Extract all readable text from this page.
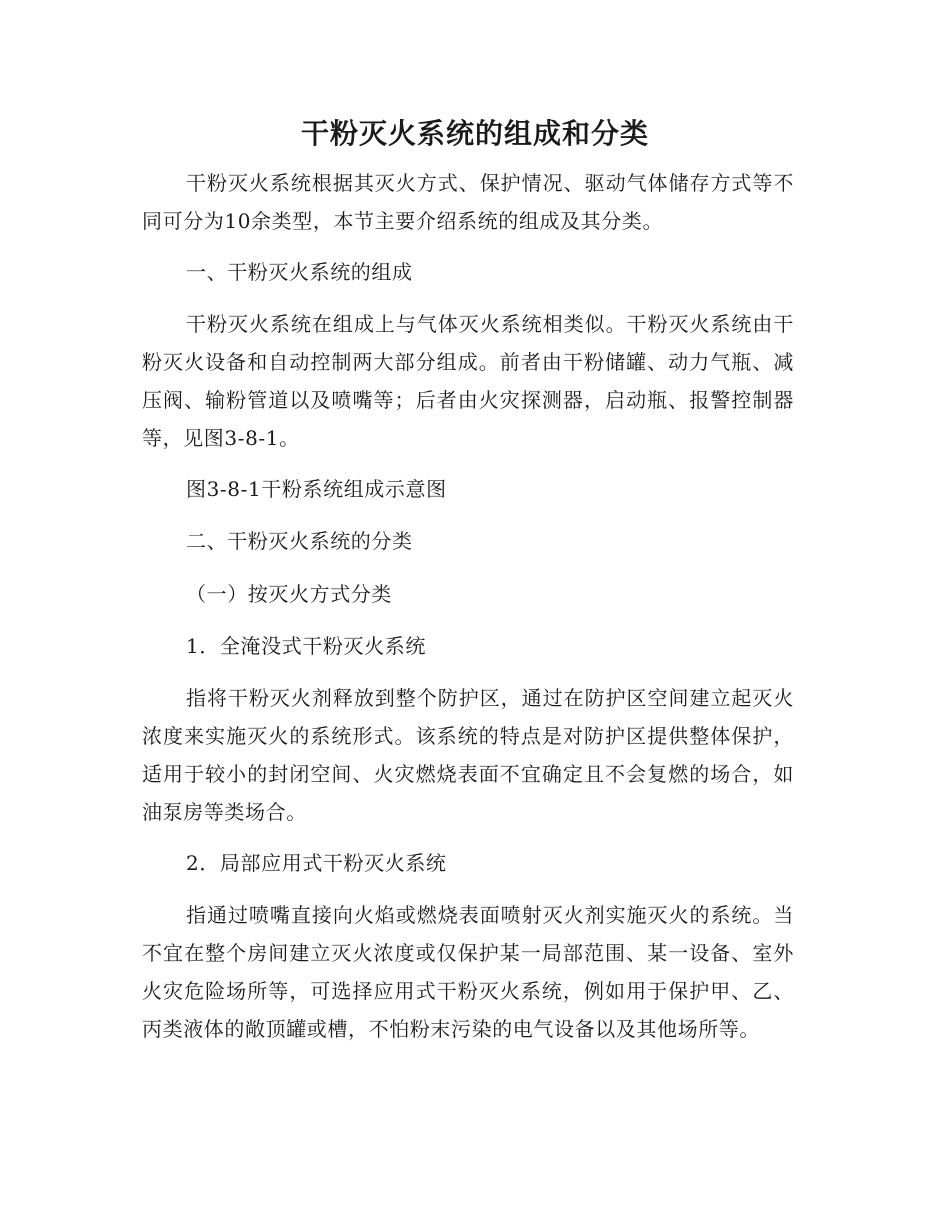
干粉灭火系统的组成和分类

干粉灭火系统根据其灭火方式、保护情况、驱动气体储存方式等不同可分为10余类型，本节主要介绍系统的组成及其分类。

一、干粉灭火系统的组成

干粉灭火系统在组成上与气体灭火系统相类似。干粉灭火系统由干粉灭火设备和自动控制两大部分组成。前者由干粉储罐、动力气瓶、减压阀、输粉管道以及喷嘴等；后者由火灾探测器，启动瓶、报警控制器等，见图3-8-1。

图3-8-1干粉系统组成示意图

二、干粉灭火系统的分类

（一）按灭火方式分类

1．全淹没式干粉灭火系统

指将干粉灭火剂释放到整个防护区，通过在防护区空间建立起灭火浓度来实施灭火的系统形式。该系统的特点是对防护区提供整体保护，适用于较小的封闭空间、火灾燃烧表面不宜确定且不会复燃的场合，如油泵房等类场合。

2．局部应用式干粉灭火系统

指通过喷嘴直接向火焰或燃烧表面喷射灭火剂实施灭火的系统。当不宜在整个房间建立灭火浓度或仅保护某一局部范围、某一设备、室外火灾危险场所等，可选择应用式干粉灭火系统，例如用于保护甲、乙、丙类液体的敞顶罐或槽，不怕粉末污染的电气设备以及其他场所等。
